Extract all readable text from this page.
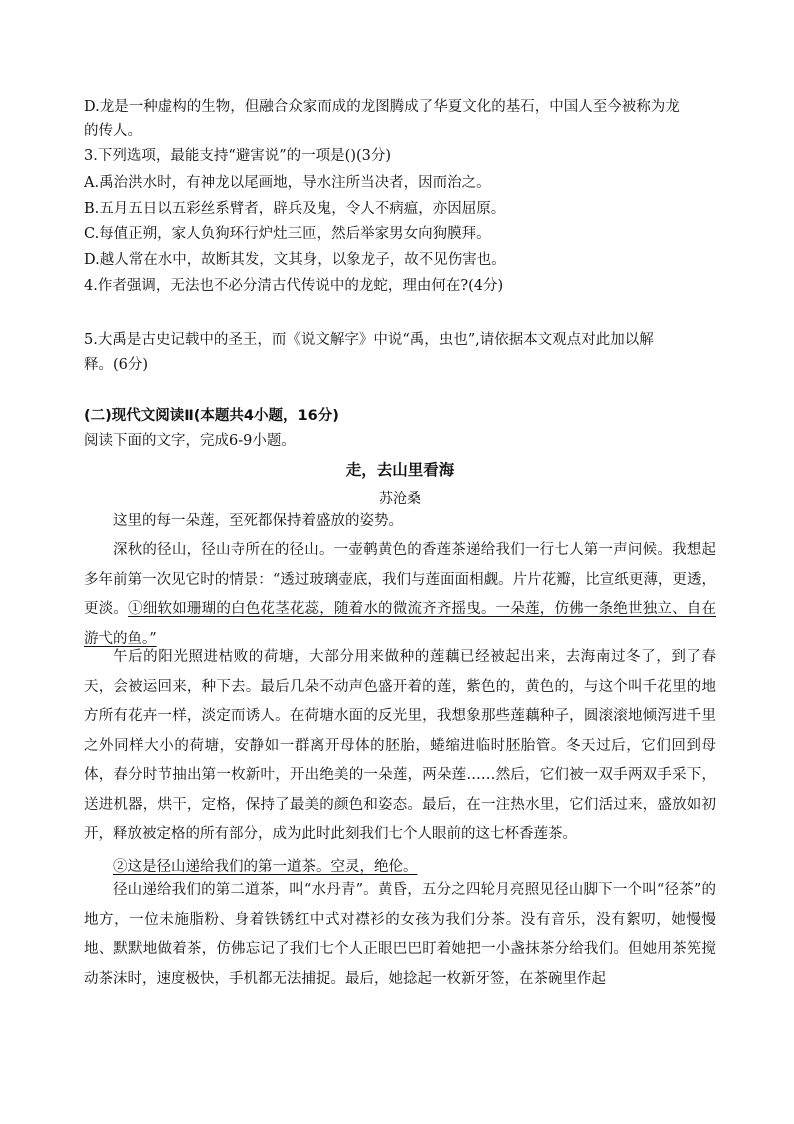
D.龙是一种虚构的生物，但融合众家而成的龙图腾成了华夏文化的基石，中国人至今被称为龙
的传人。
3.下列选项，最能支持“避害说”的一项是()(3分)
A.禹治洪水时，有神龙以尾画地，导水注所当决者，因而治之。
B.五月五日以五彩丝系臂者，辟兵及鬼，令人不病瘟，亦因屈原。
C.每值正朔，家人负狗环行炉灶三匝，然后举家男女向狗膜拜。
D.越人常在水中，故断其发，文其身，以象龙子，故不见伤害也。
4.作者强调，无法也不必分清古代传说中的龙蛇，理由何在?(4分)
5.大禹是古史记载中的圣王，而《说文解字》中说“禹，虫也”,请依据本文观点对此加以解
释。(6分)
(二)现代文阅读Ⅱ(本题共4小题，16分)
阅读下面的文字，完成6-9小题。
走，去山里看海
苏沧桑
这里的每一朵莲，至死都保持着盛放的姿势。
深秋的径山，径山寺所在的径山。一壶鹌黄色的香莲茶递给我们一行七人第一声问候。我想起多年前第一次见它时的情景：“透过玻璃壶底，我们与莲面面相觑。片片花瓣，比宣纸更薄，更透，更淡。①细软如珊瑚的白色花茎花蕊，随着水的微流齐齐摇曳。一朵莲，仿佛一条绝世独立、自在游弋的鱼。”
午后的阳光照进枯败的荷塘，大部分用来做种的莲藕已经被起出来，去海南过冬了，到了春天，会被运回来，种下去。最后几朵不动声色盛开着的莲，紫色的，黄色的，与这个叫千花里的地方所有花卉一样，淡定而诱人。在荷塘水面的反光里，我想象那些莲藕种子，圆滚滚地倾泻进千里之外同样大小的荷塘，安静如一群离开母体的胚胎，蜷缩进临时胚胎管。冬天过后，它们回到母体，春分时节抽出第一枚新叶，开出绝美的一朵莲，两朵莲……然后，它们被一双手两双手采下，送进机器，烘干，定格，保持了最美的颜色和姿态。最后，在一注热水里，它们活过来，盛放如初开，释放被定格的所有部分，成为此时此刻我们七个人眼前的这七杯香莲茶。
②这是径山递给我们的第一道茶。空灵，绝伦。
径山递给我们的第二道茶，叫“水丹青”。黄昏，五分之四轮月亮照见径山脚下一个叫“径茶”的地方，一位未施脂粉、身着铁锈红中式对襟衫的女孩为我们分茶。没有音乐，没有絮叨，她慢慢地、默默地做着茶，仿佛忘记了我们七个人正眼巴巴盯着她把一小盏抹茶分给我们。但她用茶筅搅动茶沫时，速度极快，手机都无法捕捉。最后，她捻起一枚新牙签，在茶碗里作起
